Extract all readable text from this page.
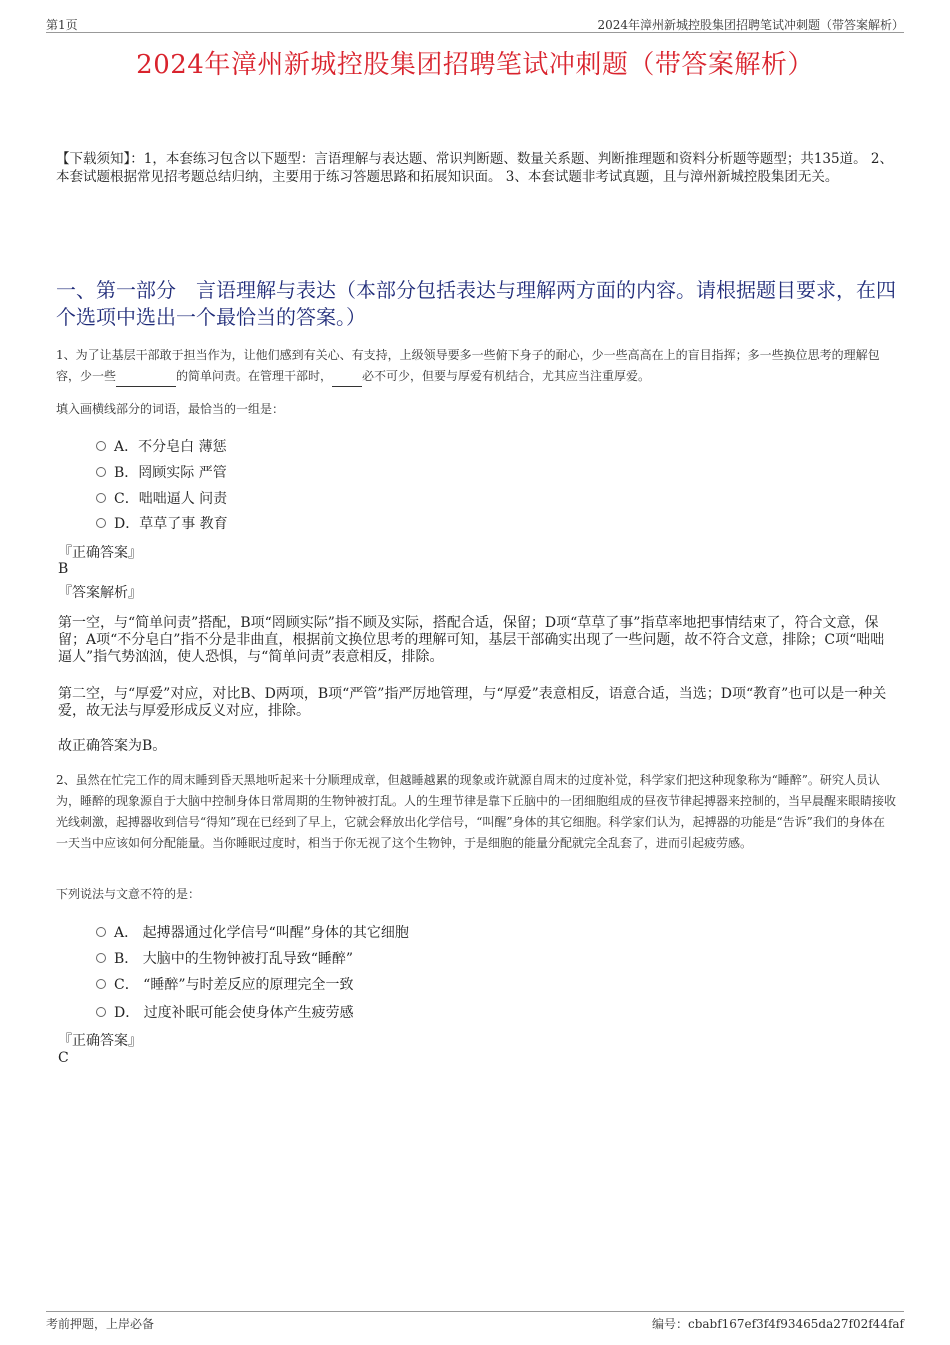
第1页	2024年漳州新城控股集团招聘笔试冲刺题（带答案解析）
2024年漳州新城控股集团招聘笔试冲刺题（带答案解析）
【下载须知】：1，本套练习包含以下题型：言语理解与表达题、常识判断题、数量关系题、判断推理题和资料分析题等题型；共135道。 2、本套试题根据常见招考题总结归纳，主要用于练习答题思路和拓展知识面。 3、本套试题非考试真题，且与漳州新城控股集团无关。
一、第一部分　言语理解与表达（本部分包括表达与理解两方面的内容。请根据题目要求，在四个选项中选出一个最恰当的答案。）
1、为了让基层干部敢于担当作为，让他们感到有关心、有支持，上级领导要多一些俯下身子的耐心，少一些高高在上的盲目指挥；多一些换位思考的理解包容，少一些	的简单问责。在管理干部时，	必不可少，但要与厚爱有机结合，尤其应当注重厚爱。
填入画横线部分的词语，最恰当的一组是：
A．不分皂白 薄惩
B．罔顾实际 严管
C．咄咄逼人 问责
D．草草了事 教育
『正确答案』
B
『答案解析』
第一空，与“简单问责”搭配，B项“罔顾实际”指不顾及实际，搭配合适，保留；D项“草草了事”指草率地把事情结束了，符合文意，保留；A项“不分皂白”指不分是非曲直，根据前文换位思考的理解可知，基层干部确实出现了一些问题，故不符合文意，排除；C项“咄咄逼人”指气势汹汹，使人恐惧，与“简单问责”表意相反，排除。
第二空，与“厚爱”对应，对比B、D两项，B项“严管”指严厉地管理，与“厚爱”表意相反，语意合适，当选；D项“教育”也可以是一种关爱，故无法与厚爱形成反义对应，排除。
故正确答案为B。
2、虽然在忙完工作的周末睡到昏天黑地听起来十分顺理成章，但越睡越累的现象或许就源自周末的过度补觉，科学家们把这种现象称为“睡醉”。研究人员认为，睡醉的现象源自于大脑中控制身体日常周期的生物钟被打乱。人的生理节律是靠下丘脑中的一团细胞组成的昼夜节律起搏器来控制的，当早晨醒来眼睛接收光线刺激，起搏器收到信号“得知”现在已经到了早上，它就会释放出化学信号，“叫醒”身体的其它细胞。科学家们认为，起搏器的功能是“告诉”我们的身体在一天当中应该如何分配能量。当你睡眠过度时，相当于你无视了这个生物钟，于是细胞的能量分配就完全乱套了，进而引起疲劳感。
下列说法与文意不符的是：
A． 起搏器通过化学信号“叫醒”身体的其它细胞
B． 大脑中的生物钟被打乱导致“睡醉”
C． “睡醉”与时差反应的原理完全一致
D． 过度补眠可能会使身体产生疲劳感
『正确答案』
C
考前押题，上岸必备	编号：cbabf167ef3f4f93465da27f02f44faf
